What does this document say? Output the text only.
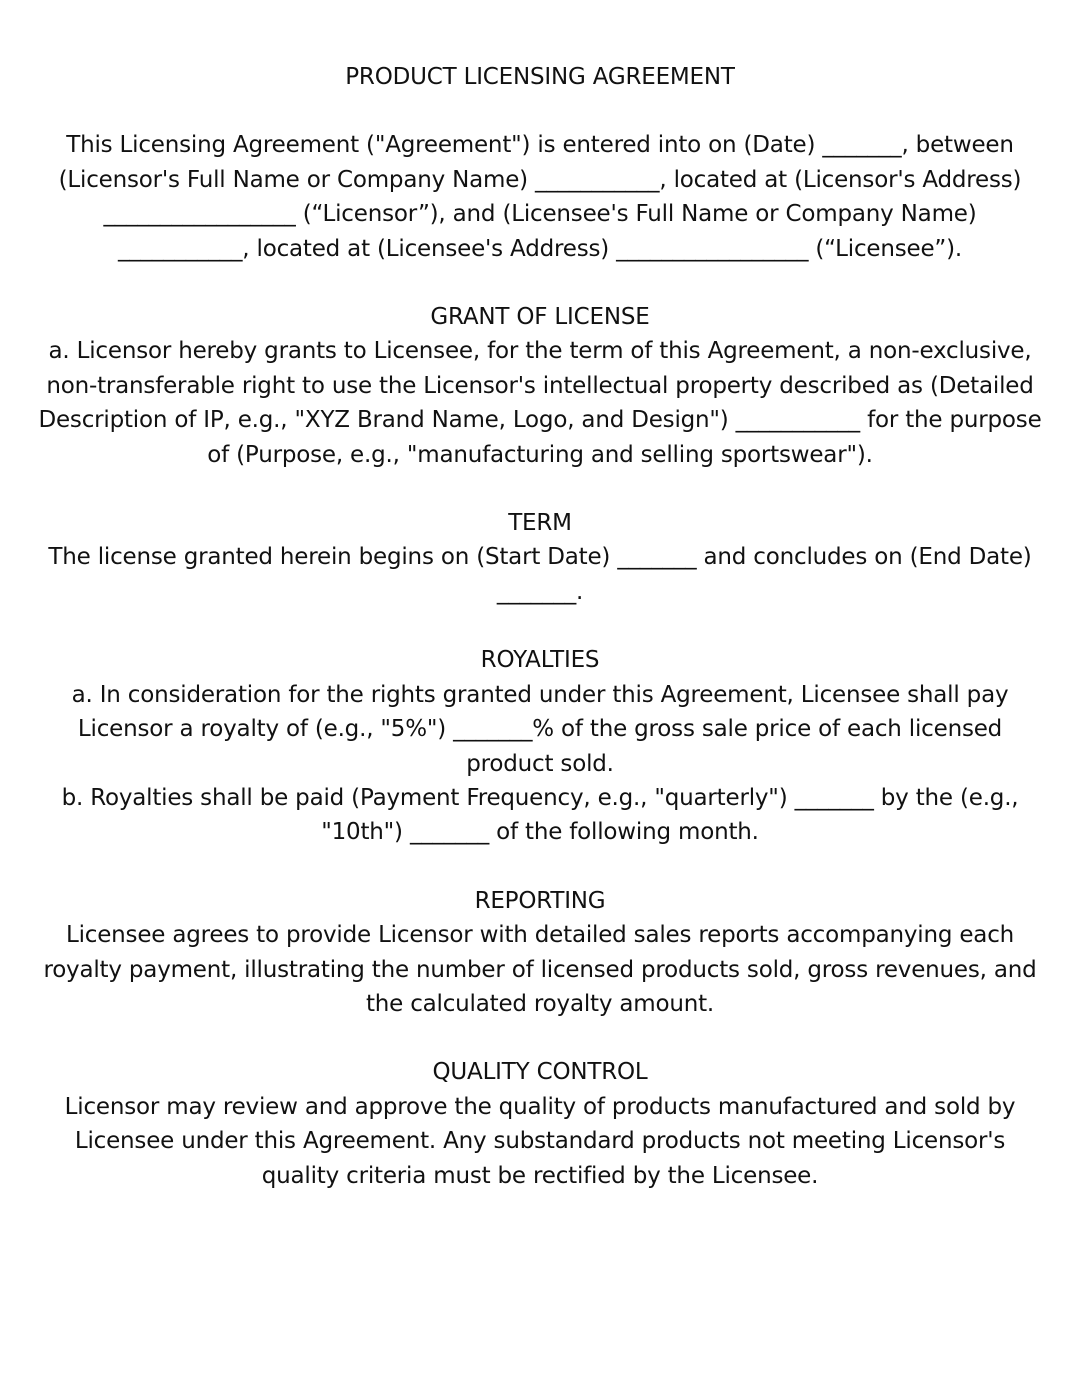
PRODUCT LICENSING AGREEMENT
This Licensing Agreement ("Agreement") is entered into on (Date) _______, between (Licensor's Full Name or Company Name) ___________, located at (Licensor's Address) _________________ (“Licensor”), and (Licensee's Full Name or Company Name) ___________, located at (Licensee's Address) _________________ (“Licensee”).
GRANT OF LICENSE
a. Licensor hereby grants to Licensee, for the term of this Agreement, a non-exclusive, non-transferable right to use the Licensor's intellectual property described as (Detailed Description of IP, e.g., "XYZ Brand Name, Logo, and Design") ___________ for the purpose of (Purpose, e.g., "manufacturing and selling sportswear").
TERM
The license granted herein begins on (Start Date) _______ and concludes on (End Date) _______.
ROYALTIES
a. In consideration for the rights granted under this Agreement, Licensee shall pay Licensor a royalty of (e.g., "5%") _______% of the gross sale price of each licensed product sold.
b. Royalties shall be paid (Payment Frequency, e.g., "quarterly") _______ by the (e.g., "10th") _______ of the following month.
REPORTING
Licensee agrees to provide Licensor with detailed sales reports accompanying each royalty payment, illustrating the number of licensed products sold, gross revenues, and the calculated royalty amount.
QUALITY CONTROL
Licensor may review and approve the quality of products manufactured and sold by Licensee under this Agreement. Any substandard products not meeting Licensor's quality criteria must be rectified by the Licensee.
